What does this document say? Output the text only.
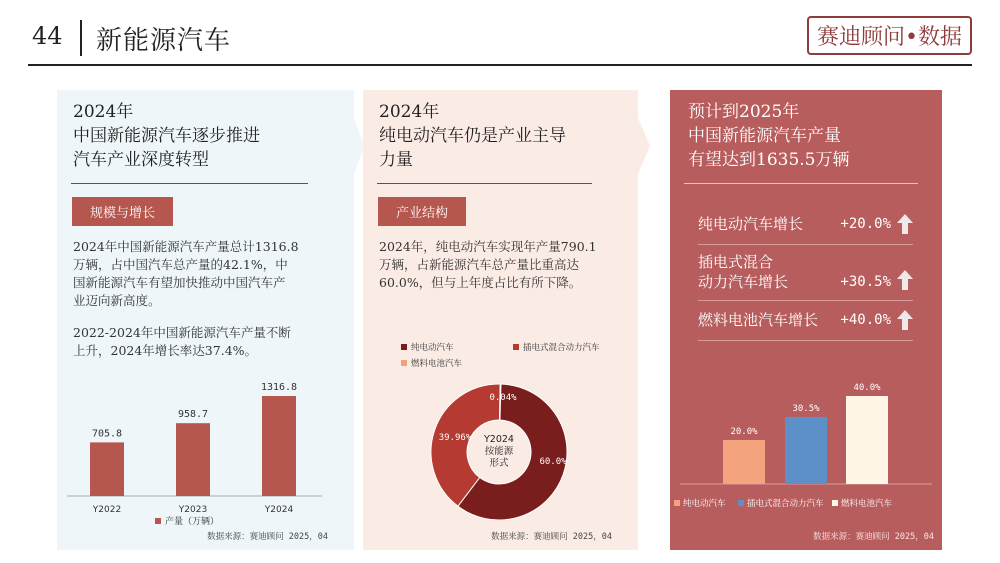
44 新能源汽车	赛迪顾问•数据
2024年
中国新能源汽车逐步推进
汽车产业深度转型
规模与增长
2024年中国新能源汽车产量总计1316.8
万辆，占中国汽车总产量的42.1%，中
国新能源汽车有望加快推动中国汽车产
业迈向新高度。
2022-2024年中国新能源汽车产量不断
上升，2024年增长率达37.4%。
705.8
Y2022
958.7
Y2023
1316.8
Y2024
产量（万辆）
数据来源：赛迪顾问 2025，04
2024年
纯电动汽车仍是产业主导
力量
产业结构
2024年，纯电动汽车实现年产量790.1
万辆，占新能源汽车总产量比重高达
60.0%，但与上年度占比有所下降。
纯电动汽车	插电式混合动力汽车
燃料电池汽车
60.0%
39.96%
0.04%
Y2024
按能源
形式
数据来源：赛迪顾问 2025，04
预计到2025年
中国新能源汽车产量
有望达到1635.5万辆
纯电动汽车增长	+20.0%
插电式混合
动力汽车增长	+30.5%
燃料电池汽车增长 +40.0%
20.0%
30.5%
40.0%
纯电动汽车	插电式混合动力汽车 燃料电池汽车
数据来源：赛迪顾问 2025，04
